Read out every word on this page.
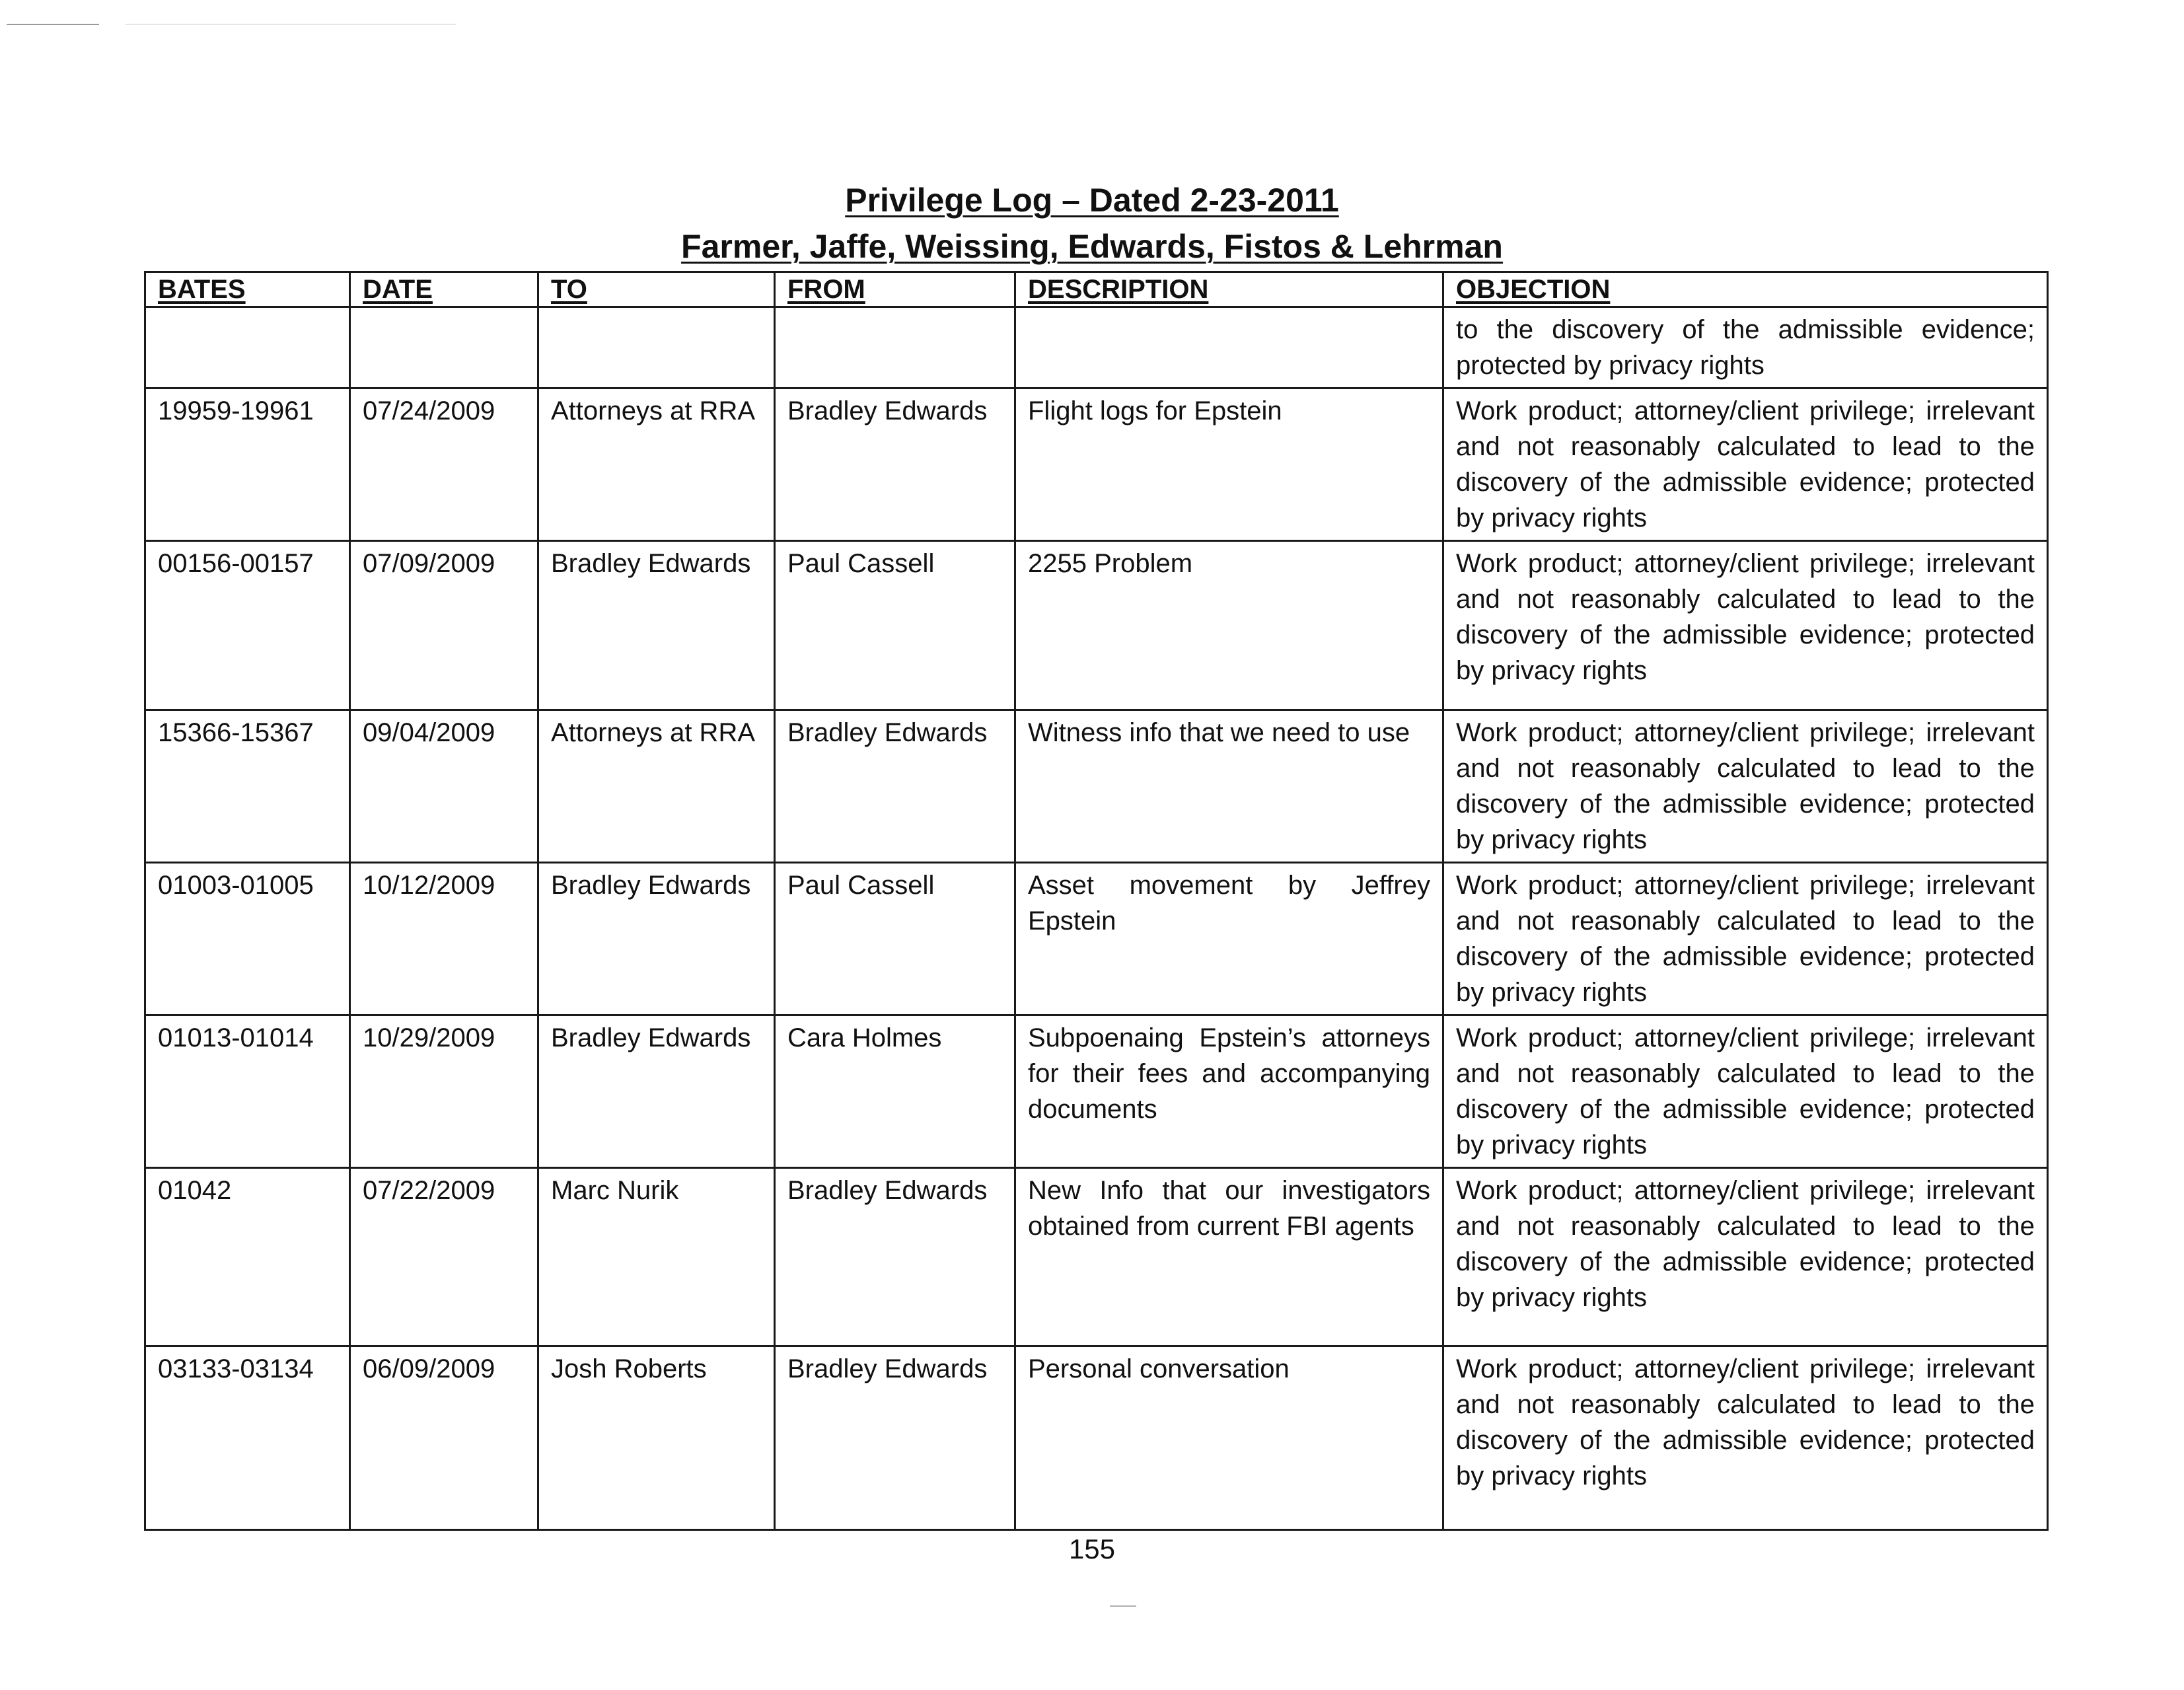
Privilege Log – Dated 2-23-2011
Farmer, Jaffe, Weissing, Edwards, Fistos & Lehrman
BATES	DATE	TO	FROM	DESCRIPTION	OBJECTION
					to the discovery of the admissible evidence; protected by privacy rights
19959-19961	07/24/2009	Attorneys at RRA	Bradley Edwards	Flight logs for Epstein	Work product; attorney/client privilege; irrelevant and not reasonably calculated to lead to the discovery of the admissible evidence; protected by privacy rights
00156-00157	07/09/2009	Bradley Edwards	Paul Cassell	2255 Problem	Work product; attorney/client privilege; irrelevant and not reasonably calculated to lead to the discovery of the admissible evidence; protected by privacy rights
15366-15367	09/04/2009	Attorneys at RRA	Bradley Edwards	Witness info that we need to use	Work product; attorney/client privilege; irrelevant and not reasonably calculated to lead to the discovery of the admissible evidence; protected by privacy rights
01003-01005	10/12/2009	Bradley Edwards	Paul Cassell	Asset movement by Jeffrey Epstein	Work product; attorney/client privilege; irrelevant and not reasonably calculated to lead to the discovery of the admissible evidence; protected by privacy rights
01013-01014	10/29/2009	Bradley Edwards	Cara Holmes	Subpoenaing Epstein’s attorneys for their fees and accompanying documents	Work product; attorney/client privilege; irrelevant and not reasonably calculated to lead to the discovery of the admissible evidence; protected by privacy rights
01042	07/22/2009	Marc Nurik	Bradley Edwards	New Info that our investigators obtained from current FBI agents	Work product; attorney/client privilege; irrelevant and not reasonably calculated to lead to the discovery of the admissible evidence; protected by privacy rights
03133-03134	06/09/2009	Josh Roberts	Bradley Edwards	Personal conversation	Work product; attorney/client privilege; irrelevant and not reasonably calculated to lead to the discovery of the admissible evidence; protected by privacy rights
155
